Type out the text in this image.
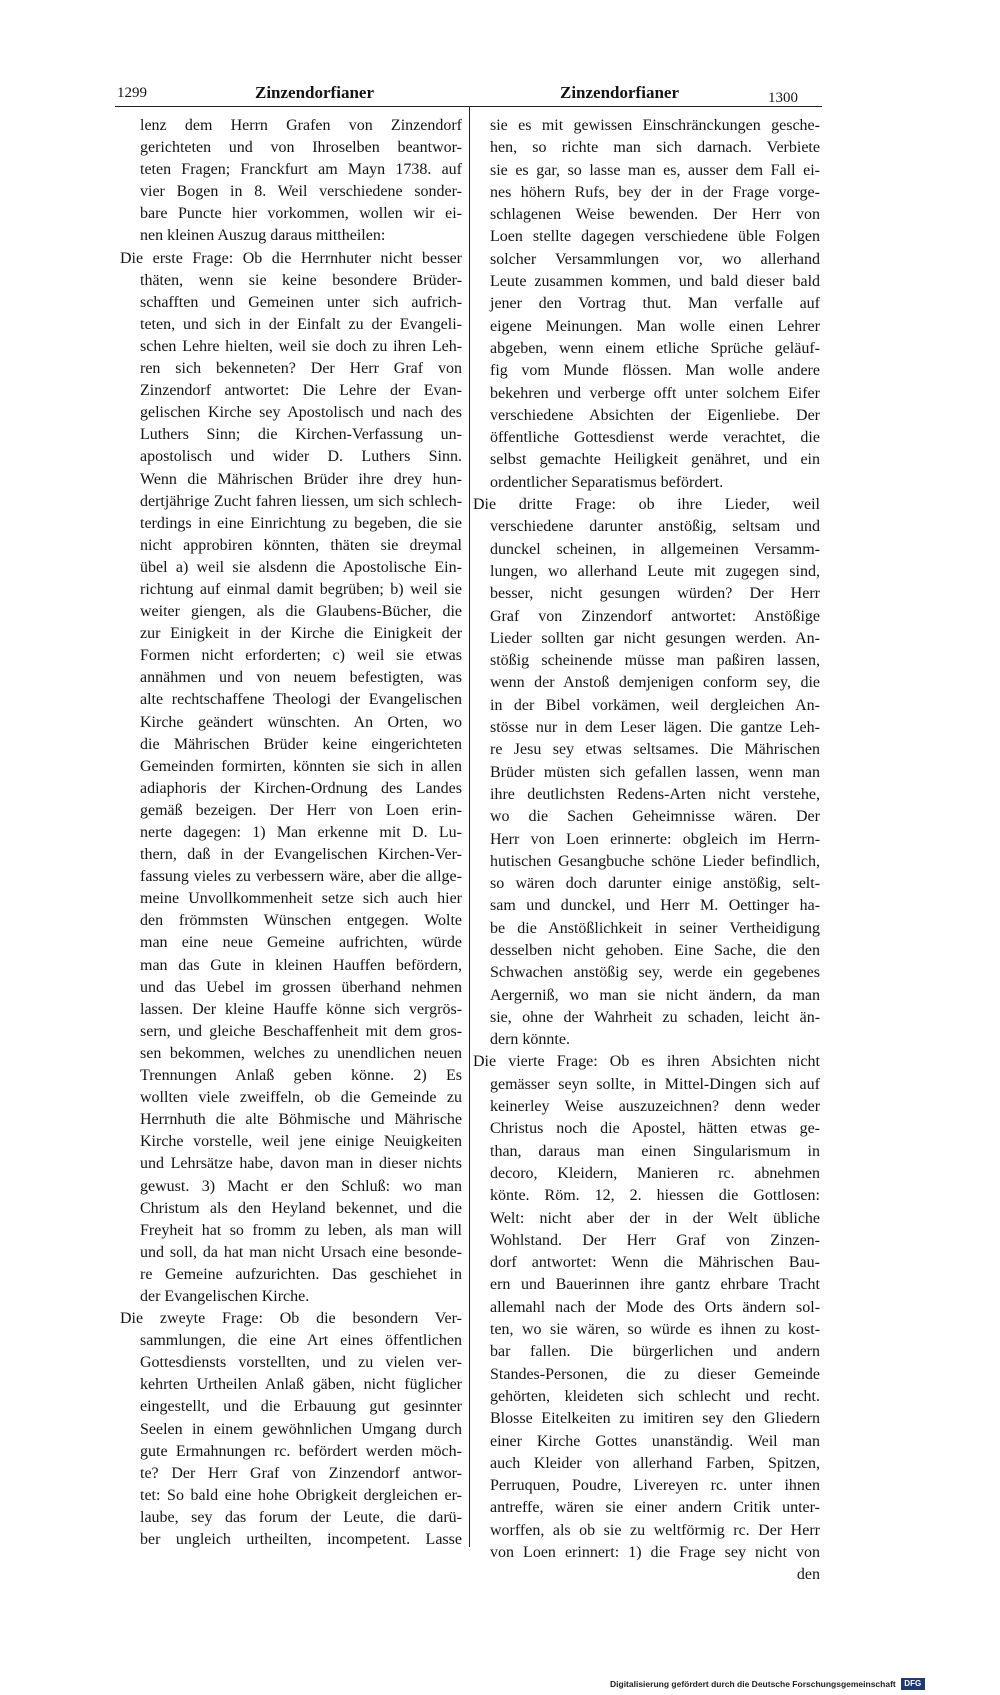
1299	Zinzendorfianer	Zinzendorfianer	1300
lenz dem Herrn Grafen von Zinzendorf
gerichteten und von Ihroselben beantwor-
teten Fragen; Franckfurt am Mayn 1738. auf
vier Bogen in 8. Weil verschiedene sonder-
bare Puncte hier vorkommen, wollen wir ei-
nen kleinen Auszug daraus mittheilen:
Die erste Frage: Ob die Herrnhuter nicht besser
thäten, wenn sie keine besondere Brüder-
schafften und Gemeinen unter sich aufrich-
teten, und sich in der Einfalt zu der Evangeli-
schen Lehre hielten, weil sie doch zu ihren Leh-
ren sich bekenneten? Der Herr Graf von
Zinzendorf antwortet: Die Lehre der Evan-
gelischen Kirche sey Apostolisch und nach des
Luthers Sinn; die Kirchen-Verfassung un-
apostolisch und wider D. Luthers Sinn.
Wenn die Mährischen Brüder ihre drey hun-
dertjährige Zucht fahren liessen, um sich schlech-
terdings in eine Einrichtung zu begeben, die sie
nicht approbiren könnten, thäten sie dreymal
übel a) weil sie alsdenn die Apostolische Ein-
richtung auf einmal damit begrüben; b) weil sie
weiter giengen, als die Glaubens-Bücher, die
zur Einigkeit in der Kirche die Einigkeit der
Formen nicht erforderten; c) weil sie etwas
annähmen und von neuem befestigten, was
alte rechtschaffene Theologi der Evangelischen
Kirche geändert wünschten. An Orten, wo
die Mährischen Brüder keine eingerichteten
Gemeinden formirten, könnten sie sich in allen
adiaphoris der Kirchen-Ordnung des Landes
gemäß bezeigen. Der Herr von Loen erin-
nerte dagegen: 1) Man erkenne mit D. Lu-
thern, daß in der Evangelischen Kirchen-Ver-
fassung vieles zu verbessern wäre, aber die allge-
meine Unvollkommenheit setze sich auch hier
den frömmsten Wünschen entgegen. Wolte
man eine neue Gemeine aufrichten, würde
man das Gute in kleinen Hauffen befördern,
und das Uebel im grossen überhand nehmen
lassen. Der kleine Hauffe könne sich vergrös-
sern, und gleiche Beschaffenheit mit dem gros-
sen bekommen, welches zu unendlichen neuen
Trennungen Anlaß geben könne. 2) Es
wollten viele zweiffeln, ob die Gemeinde zu
Herrnhuth die alte Böhmische und Mährische
Kirche vorstelle, weil jene einige Neuigkeiten
und Lehrsätze habe, davon man in dieser nichts
gewust. 3) Macht er den Schluß: wo man
Christum als den Heyland bekennet, und die
Freyheit hat so fromm zu leben, als man will
und soll, da hat man nicht Ursach eine besonde-
re Gemeine aufzurichten. Das geschiehet in
der Evangelischen Kirche.
Die zweyte Frage: Ob die besondern Ver-
sammlungen, die eine Art eines öffentlichen
Gottesdiensts vorstellten, und zu vielen ver-
kehrten Urtheilen Anlaß gäben, nicht füglicher
eingestellt, und die Erbauung gut gesinnter
Seelen in einem gewöhnlichen Umgang durch
gute Ermahnungen rc. befördert werden möch-
te? Der Herr Graf von Zinzendorf antwor-
tet: So bald eine hohe Obrigkeit dergleichen er-
laube, sey das forum der Leute, die darü-
ber ungleich urtheilten, incompetent. Lasse
sie es mit gewissen Einschränckungen gesche-
hen, so richte man sich darnach. Verbiete
sie es gar, so lasse man es, ausser dem Fall ei-
nes höhern Rufs, bey der in der Frage vorge-
schlagenen Weise bewenden. Der Herr von
Loen stellte dagegen verschiedene üble Folgen
solcher Versammlungen vor, wo allerhand
Leute zusammen kommen, und bald dieser bald
jener den Vortrag thut. Man verfalle auf
eigene Meinungen. Man wolle einen Lehrer
abgeben, wenn einem etliche Sprüche geläuf-
fig vom Munde flössen. Man wolle andere
bekehren und verberge offt unter solchem Eifer
verschiedene Absichten der Eigenliebe. Der
öffentliche Gottesdienst werde verachtet, die
selbst gemachte Heiligkeit genähret, und ein
ordentlicher Separatismus befördert.
Die dritte Frage: ob ihre Lieder, weil
verschiedene darunter anstößig, seltsam und
dunckel scheinen, in allgemeinen Versamm-
lungen, wo allerhand Leute mit zugegen sind,
besser, nicht gesungen würden? Der Herr
Graf von Zinzendorf antwortet: Anstößige
Lieder sollten gar nicht gesungen werden. An-
stößig scheinende müsse man paßiren lassen,
wenn der Anstoß demjenigen conform sey, die
in der Bibel vorkämen, weil dergleichen An-
stösse nur in dem Leser lägen. Die gantze Leh-
re Jesu sey etwas seltsames. Die Mährischen
Brüder müsten sich gefallen lassen, wenn man
ihre deutlichsten Redens-Arten nicht verstehe,
wo die Sachen Geheimnisse wären. Der
Herr von Loen erinnerte: obgleich im Herrn-
hutischen Gesangbuche schöne Lieder befindlich,
so wären doch darunter einige anstößig, selt-
sam und dunckel, und Herr M. Oettinger ha-
be die Anstößlichkeit in seiner Vertheidigung
desselben nicht gehoben. Eine Sache, die den
Schwachen anstößig sey, werde ein gegebenes
Aergerniß, wo man sie nicht ändern, da man
sie, ohne der Wahrheit zu schaden, leicht än-
dern könnte.
Die vierte Frage: Ob es ihren Absichten nicht
gemässer seyn sollte, in Mittel-Dingen sich auf
keinerley Weise auszuzeichnen? denn weder
Christus noch die Apostel, hätten etwas ge-
than, daraus man einen Singularismum in
decoro, Kleidern, Manieren rc. abnehmen
könte. Röm. 12, 2. hiessen die Gottlosen:
Welt: nicht aber der in der Welt übliche
Wohlstand. Der Herr Graf von Zinzen-
dorf antwortet: Wenn die Mährischen Bau-
ern und Bauerinnen ihre gantz ehrbare Tracht
allemahl nach der Mode des Orts ändern sol-
ten, wo sie wären, so würde es ihnen zu kost-
bar fallen. Die bürgerlichen und andern
Standes-Personen, die zu dieser Gemeinde
gehörten, kleideten sich schlecht und recht.
Blosse Eitelkeiten zu imitiren sey den Gliedern
einer Kirche Gottes unanständig. Weil man
auch Kleider von allerhand Farben, Spitzen,
Perruquen, Poudre, Livereyen rc. unter ihnen
antreffe, wären sie einer andern Critik unter-
worffen, als ob sie zu weltförmig rc. Der Herr
von Loen erinnert: 1) die Frage sey nicht von
den
Digitalisierung gefördert durch die Deutsche Forschungsgemeinschaft	DFG
